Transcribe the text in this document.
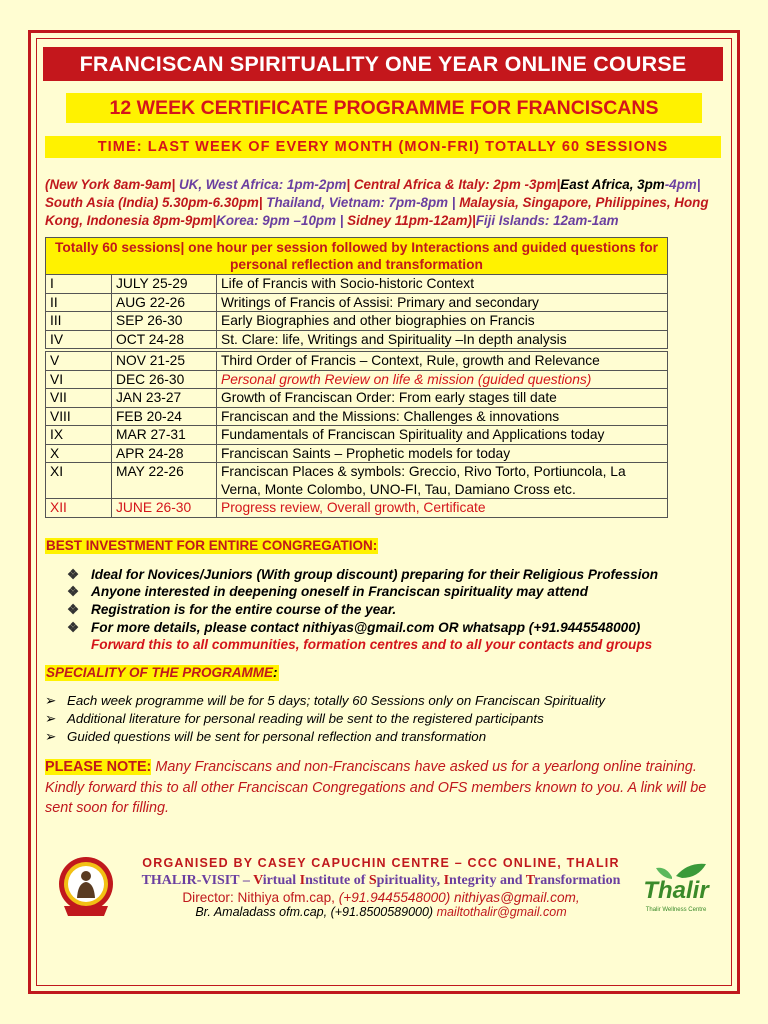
FRANCISCAN SPIRITUALITY ONE YEAR ONLINE COURSE
12 WEEK CERTIFICATE PROGRAMME FOR FRANCISCANS
TIME: LAST WEEK OF EVERY MONTH (MON-FRI) TOTALLY 60 SESSIONS
(New York 8am-9am| UK, West Africa: 1pm-2pm| Central Africa & Italy: 2pm -3pm|East Africa, 3pm-4pm| South Asia (India) 5.30pm-6.30pm| Thailand, Vietnam: 7pm-8pm | Malaysia, Singapore, Philippines, Hong Kong, Indonesia 8pm-9pm|Korea: 9pm –10pm | Sidney 11pm-12am)|Fiji Islands: 12am-1am
Totally 60 sessions| one hour per session followed by Interactions and guided questions for personal reflection and transformation		
I	JULY 25-29	Life of Francis with Socio-historic Context
II	AUG 22-26	Writings of Francis of Assisi: Primary and secondary
III	SEP 26-30	Early Biographies and other biographies on Francis
IV	OCT 24-28	St. Clare: life, Writings and Spirituality –In depth analysis

V	NOV 21-25	Third Order of Francis – Context, Rule, growth and Relevance
VI	DEC 26-30	Personal growth Review on life & mission (guided questions)
VII	JAN 23-27	Growth of Franciscan Order: From early stages till date
VIII	FEB 20-24	Franciscan and the Missions: Challenges & innovations
IX	MAR 27-31	Fundamentals of Franciscan Spirituality and Applications today
X	APR 24-28	Franciscan Saints – Prophetic models for today
XI	MAY 22-26	Franciscan Places & symbols: Greccio, Rivo Torto, Portiuncola, La Verna, Monte Colombo, UNO-FI, Tau, Damiano Cross etc.
XII	JUNE 26-30	Progress review, Overall growth, Certificate
BEST INVESTMENT FOR ENTIRE CONGREGATION:
❖ Ideal for Novices/Juniors (With group discount) preparing for their Religious Profession
❖ Anyone interested in deepening oneself in Franciscan spirituality may attend
❖ Registration is for the entire course of the year.
❖ For more details, please contact nithiyas@gmail.com OR whatsapp (+91.9445548000)
Forward this to all communities, formation centres and to all your contacts and groups
SPECIALITY OF THE PROGRAMME:
➢ Each week programme will be for 5 days; totally 60 Sessions only on Franciscan Spirituality
➢ Additional literature for personal reading will be sent to the registered participants
➢ Guided questions will be sent for personal reflection and transformation
PLEASE NOTE: Many Franciscans and non-Franciscans have asked us for a yearlong online training. Kindly forward this to all other Franciscan Congregations and OFS members known to you. A link will be sent soon for filling.
ORGANISED BY CASEY CAPUCHIN CENTRE – CCC ONLINE, THALIR
THALIR-VISIT – Virtual Institute of Spirituality, Integrity and Transformation
Director: Nithiya ofm.cap, (+91.9445548000) nithiyas@gmail.com,
Br. Amaladass ofm.cap, (+91.8500589000) mailtothalir@gmail.com
Thalir
Thalir Wellness Centre
